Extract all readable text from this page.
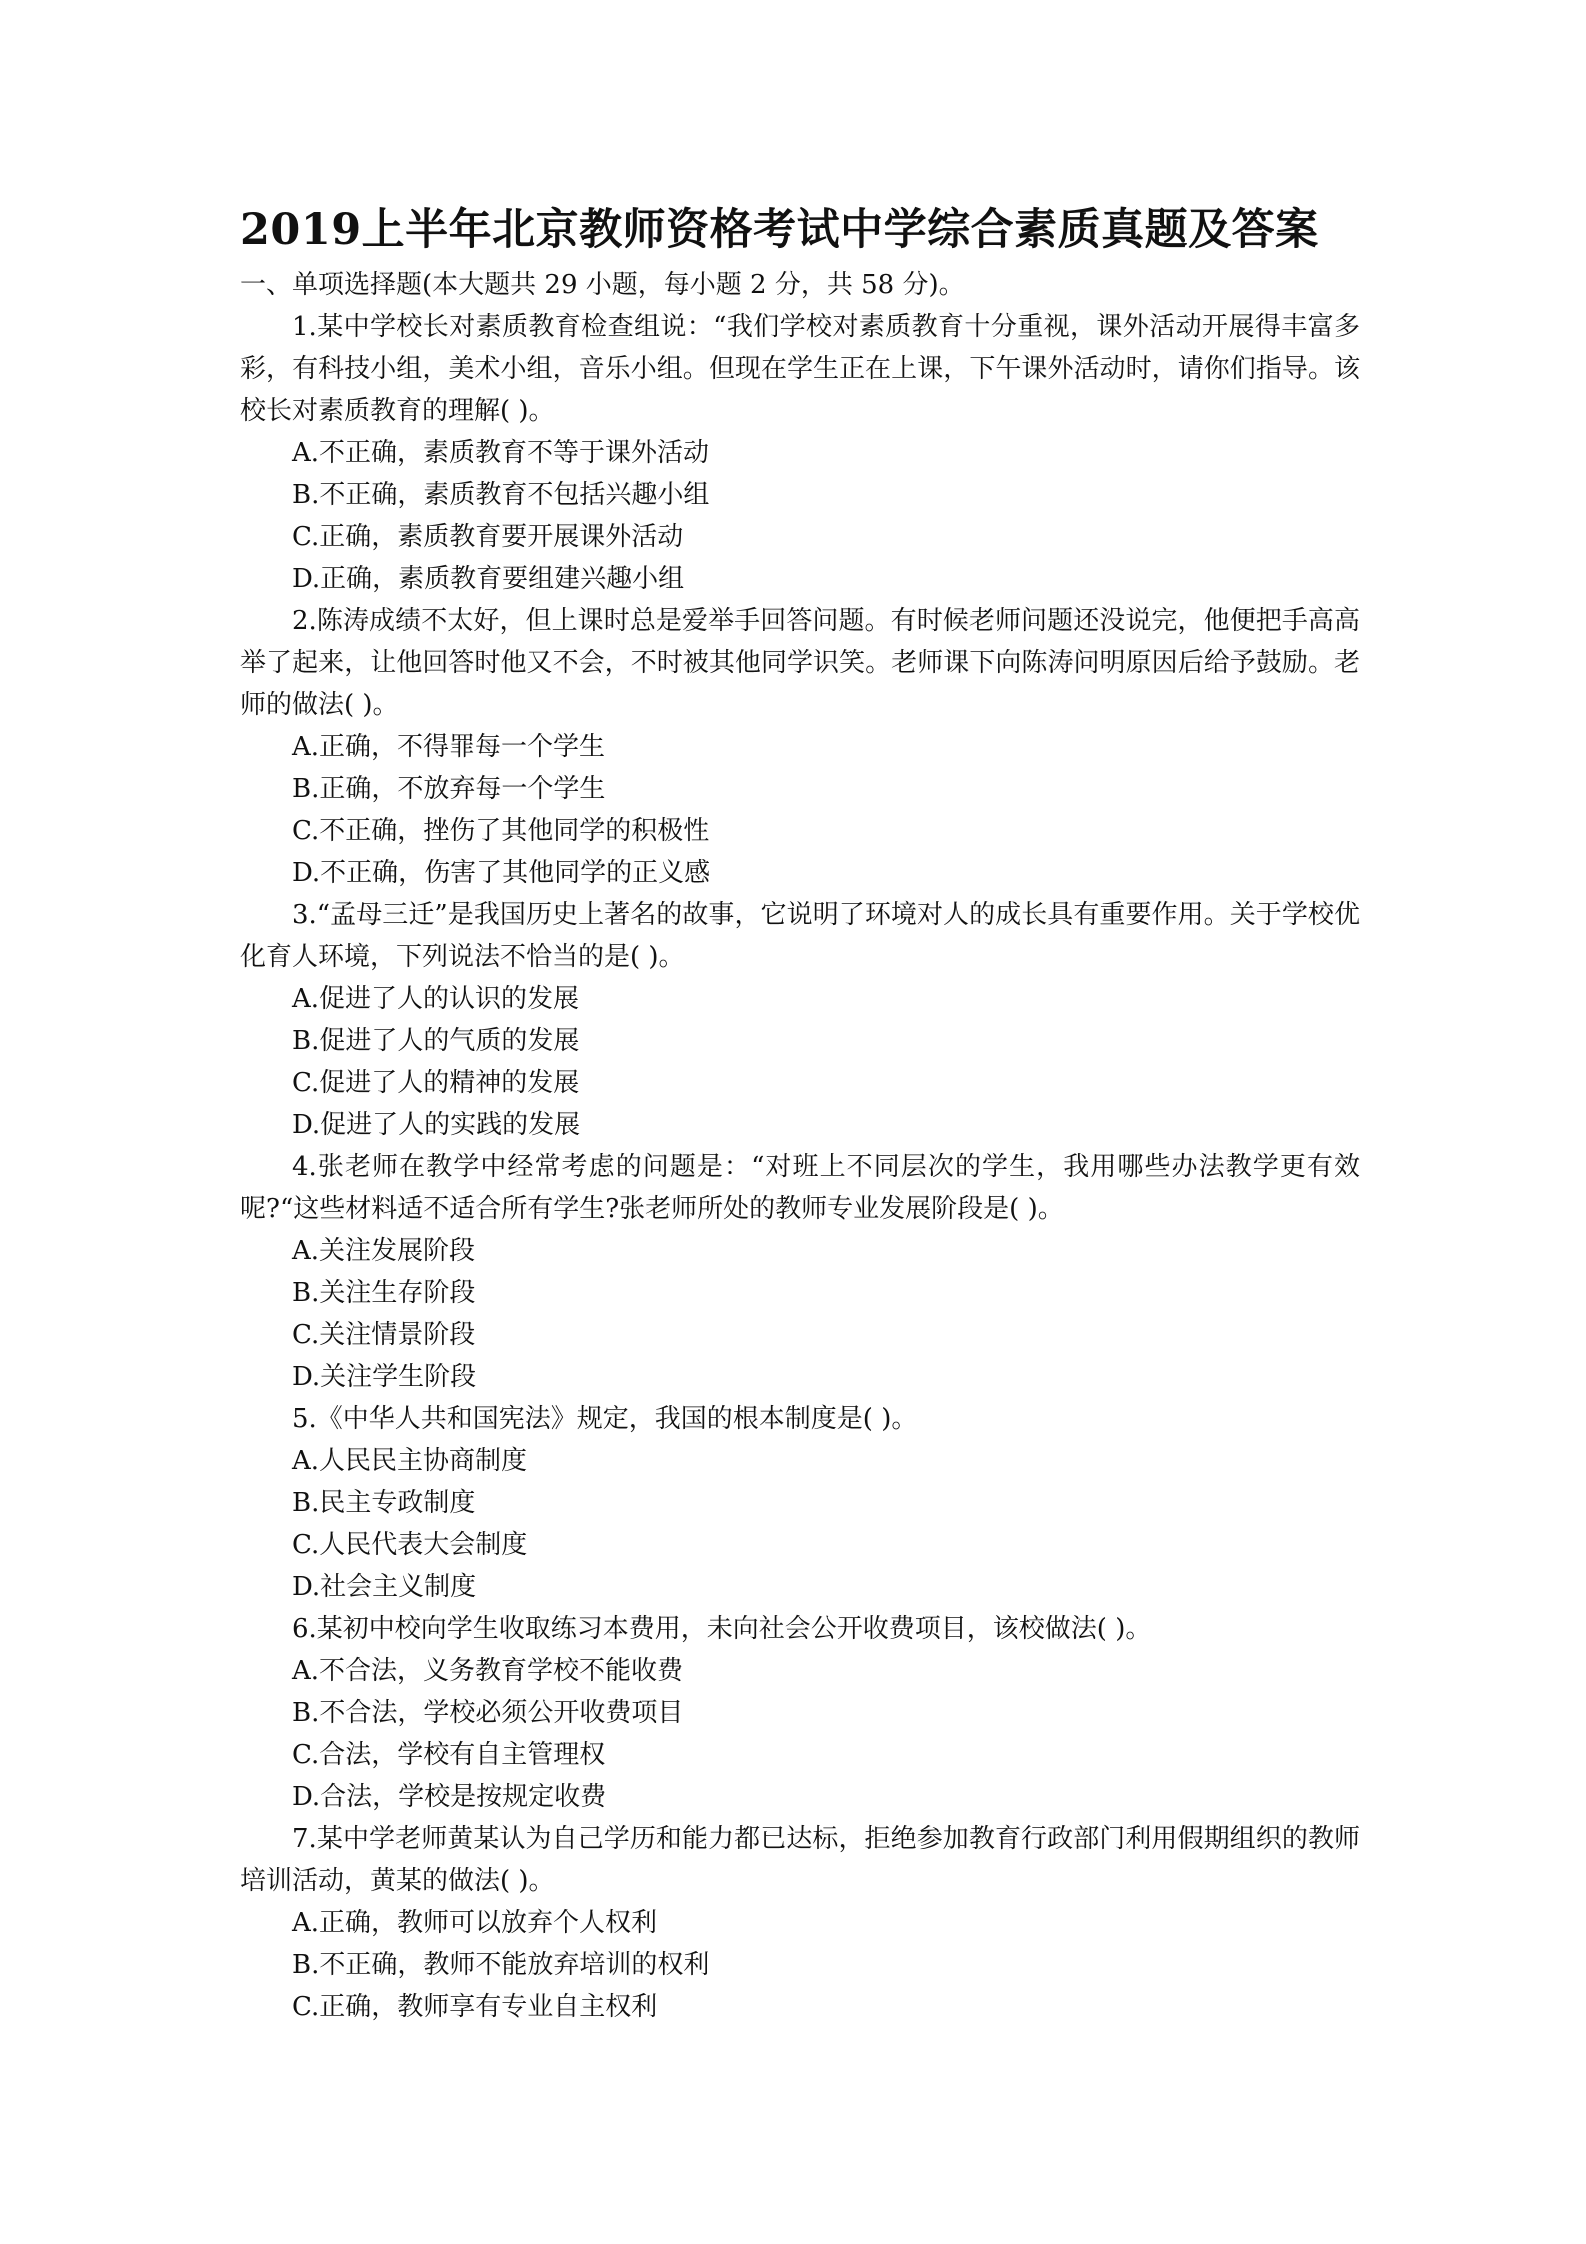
2019上半年北京教师资格考试中学综合素质真题及答案
一、单项选择题(本大题共 29 小题，每小题 2 分，共 58 分)。
1.某中学校长对素质教育检查组说：“我们学校对素质教育十分重视，课外活动开展得丰富多彩，有科技小组，美术小组，音乐小组。但现在学生正在上课，下午课外活动时，请你们指导。该校长对素质教育的理解( )。
A.不正确，素质教育不等于课外活动
B.不正确，素质教育不包括兴趣小组
C.正确，素质教育要开展课外活动
D.正确，素质教育要组建兴趣小组
2.陈涛成绩不太好，但上课时总是爱举手回答问题。有时候老师问题还没说完，他便把手高高举了起来，让他回答时他又不会，不时被其他同学识笑。老师课下向陈涛问明原因后给予鼓励。老师的做法( )。
A.正确，不得罪每一个学生
B.正确，不放弃每一个学生
C.不正确，挫伤了其他同学的积极性
D.不正确，伤害了其他同学的正义感
3.“孟母三迁”是我国历史上著名的故事，它说明了环境对人的成长具有重要作用。关于学校优化育人环境，下列说法不恰当的是( )。
A.促进了人的认识的发展
B.促进了人的气质的发展
C.促进了人的精神的发展
D.促进了人的实践的发展
4.张老师在教学中经常考虑的问题是：“对班上不同层次的学生，我用哪些办法教学更有效呢?“这些材料适不适合所有学生?张老师所处的教师专业发展阶段是( )。
A.关注发展阶段
B.关注生存阶段
C.关注情景阶段
D.关注学生阶段
5.《中华人共和国宪法》规定，我国的根本制度是( )。
A.人民民主协商制度
B.民主专政制度
C.人民代表大会制度
D.社会主义制度
6.某初中校向学生收取练习本费用，未向社会公开收费项目，该校做法( )。
A.不合法，义务教育学校不能收费
B.不合法，学校必须公开收费项目
C.合法，学校有自主管理权
D.合法，学校是按规定收费
7.某中学老师黄某认为自己学历和能力都已达标，拒绝参加教育行政部门利用假期组织的教师培训活动，黄某的做法( )。
A.正确，教师可以放弃个人权利
B.不正确，教师不能放弃培训的权利
C.正确，教师享有专业自主权利
